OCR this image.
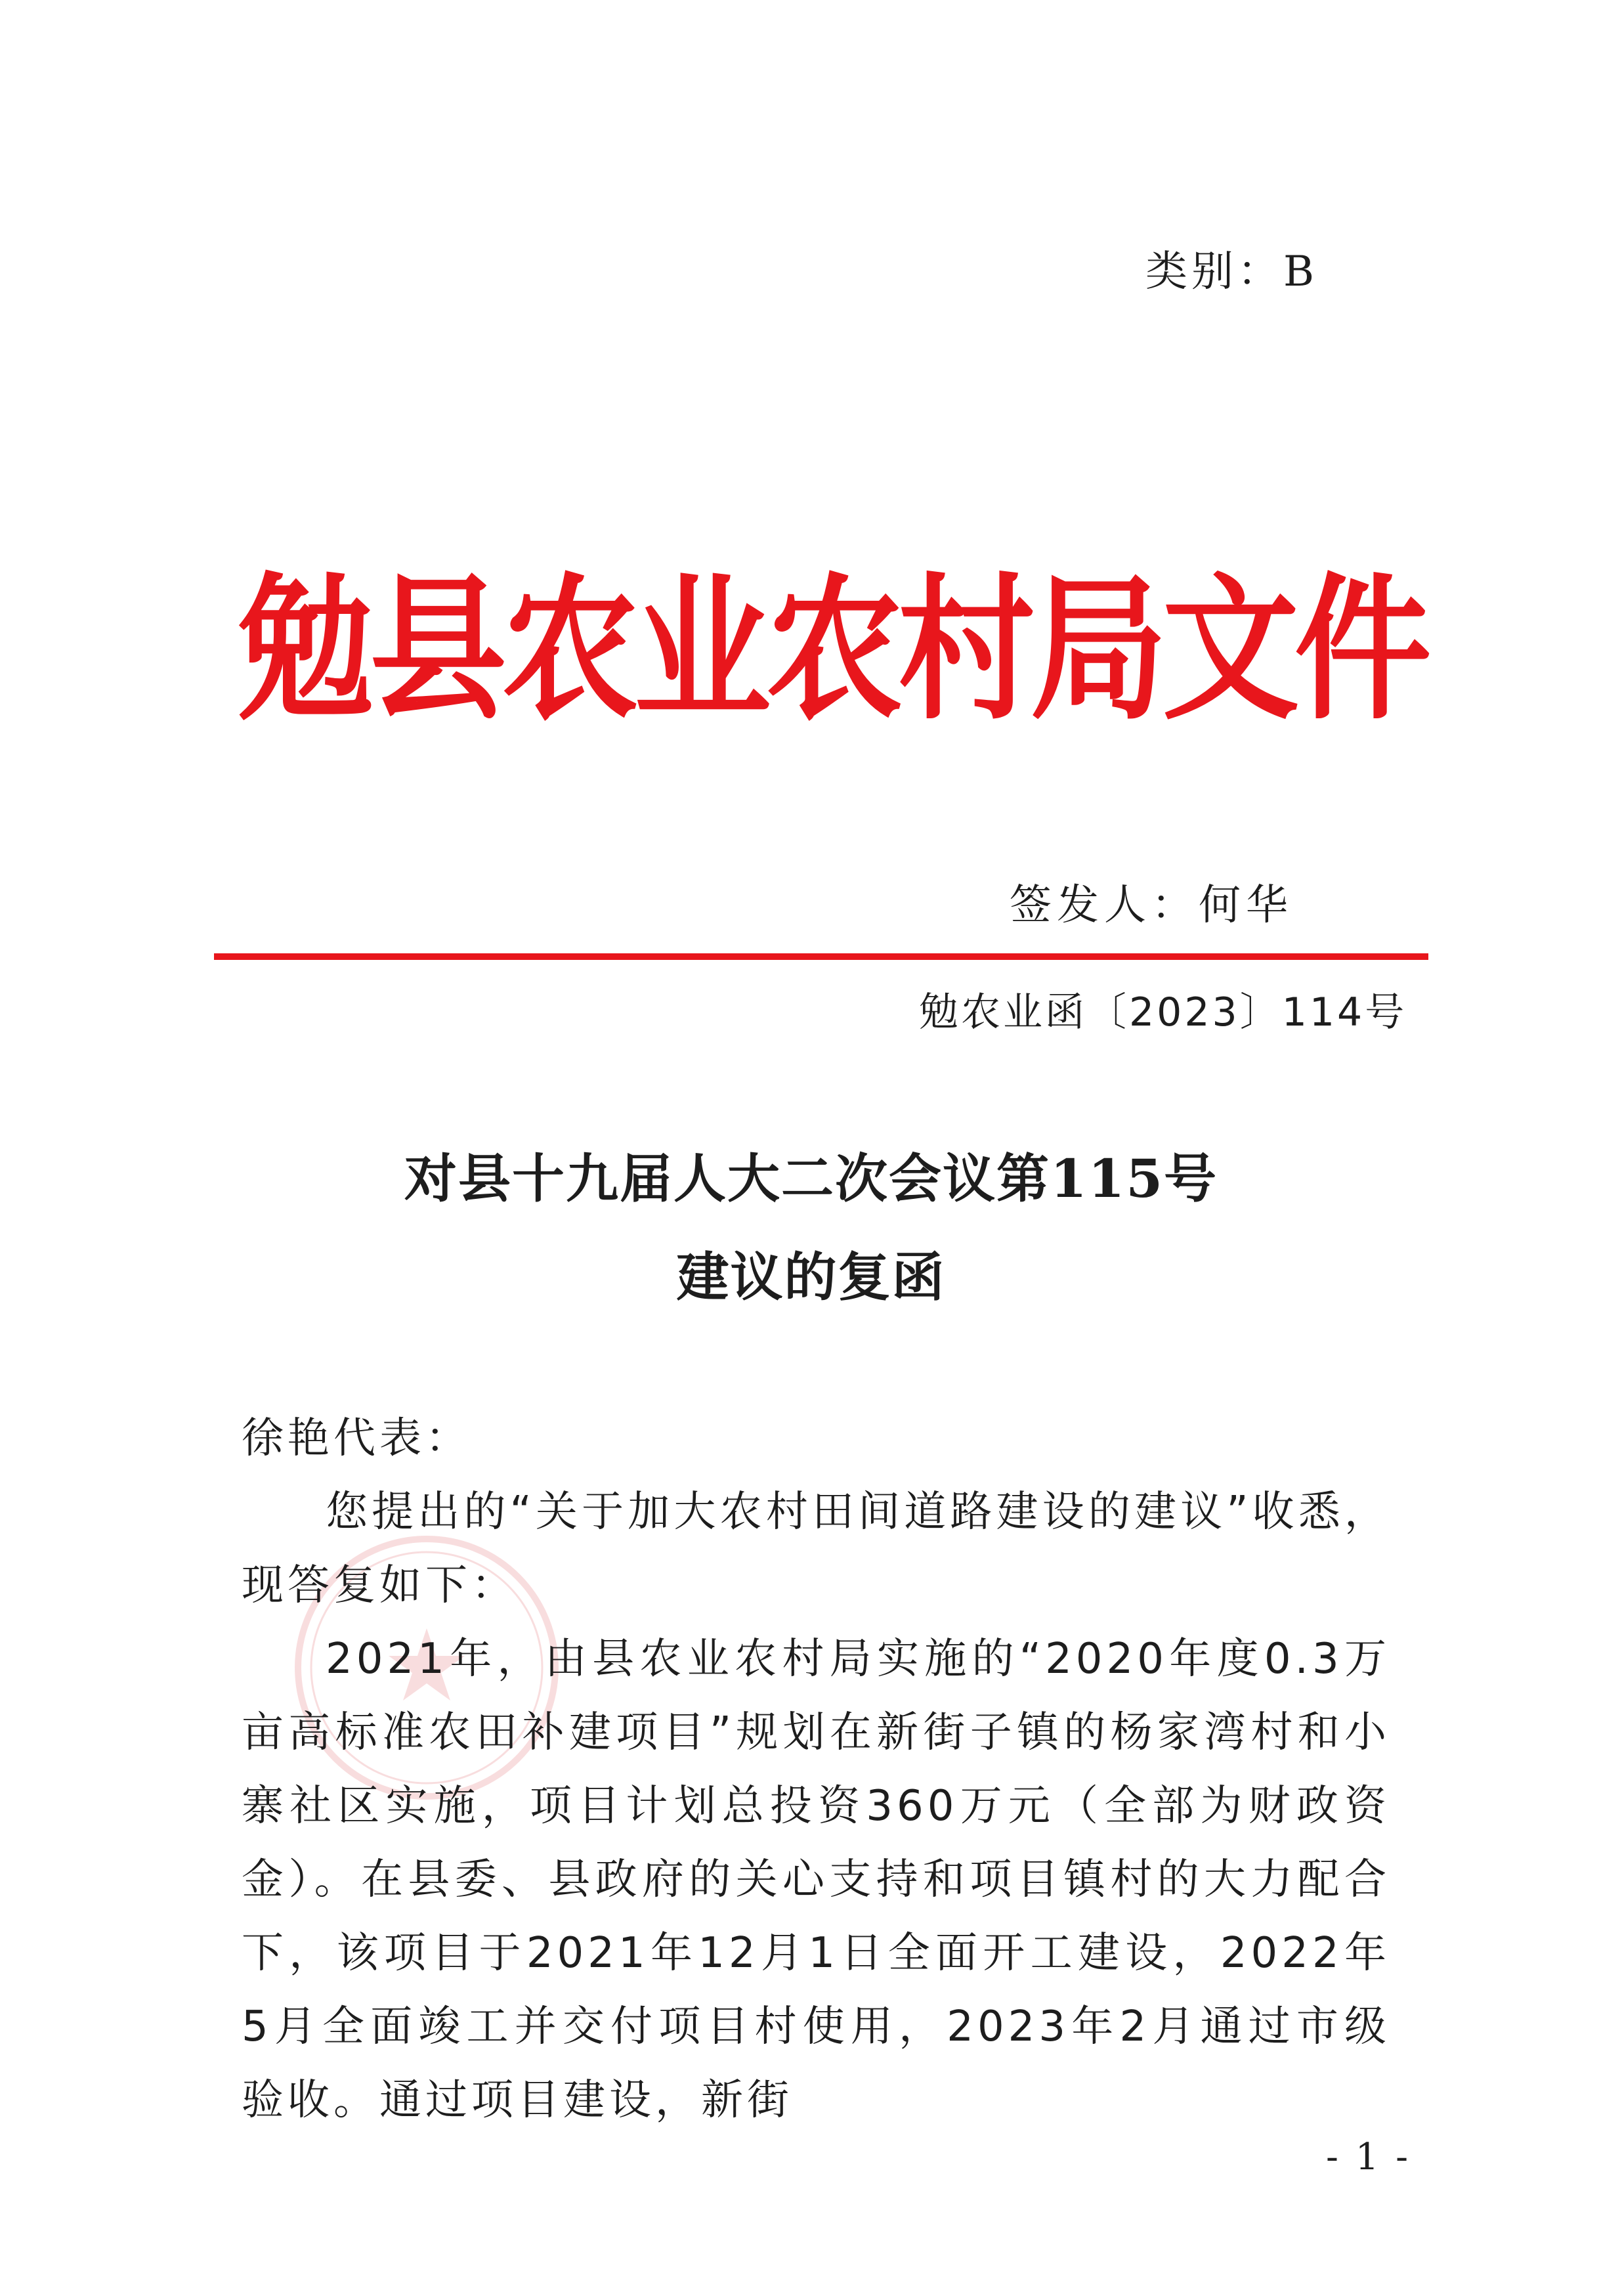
类别：B
勉县农业农村局文件
签发人：何华
勉农业函〔2023〕114号
对县十九届人大二次会议第115号
建议的复函

徐艳代表：

您提出的“关于加大农村田间道路建设的建议”收悉，现答复如下：

2021年，由县农业农村局实施的“2020年度0.3万亩高标准农田补建项目”规划在新街子镇的杨家湾村和小寨社区实施，项目计划总投资360万元（全部为财政资金）。在县委、县政府的关心支持和项目镇村的大力配合下，该项目于2021年12月1日全面开工建设，2022年5月全面竣工并交付项目村使用，2023年2月通过市级验收。通过项目建设，新街

- 1 -
